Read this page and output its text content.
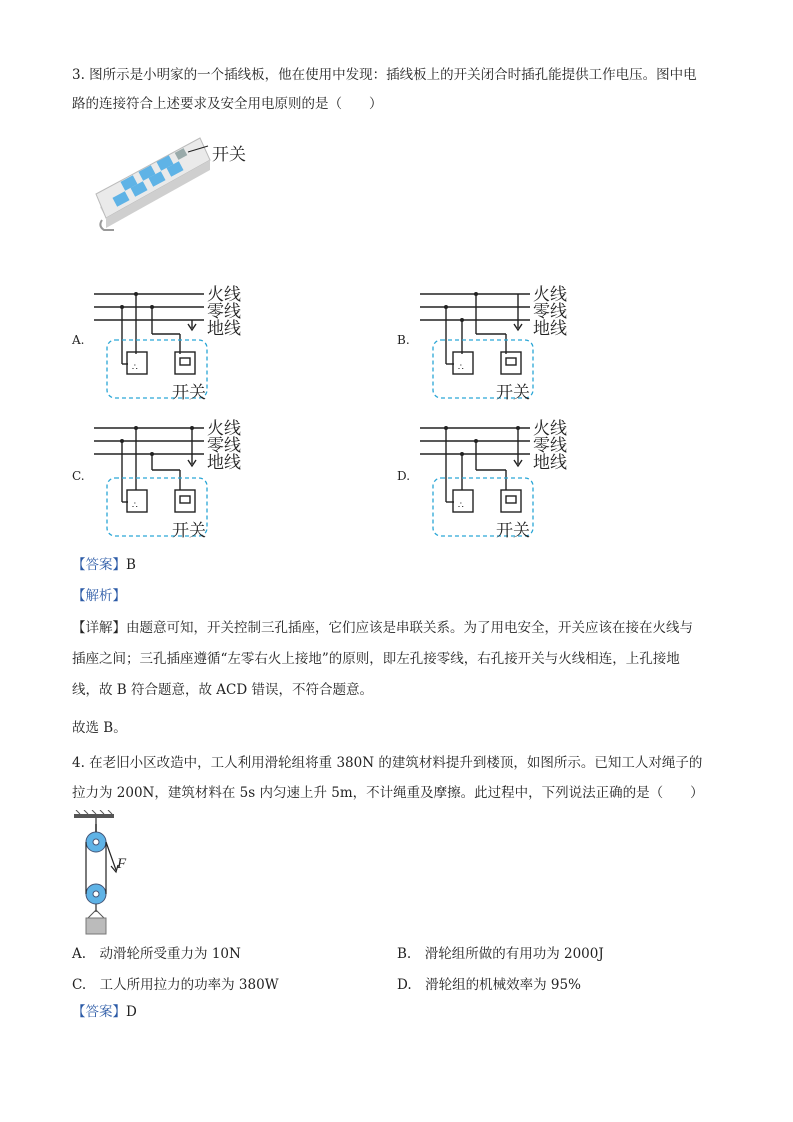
3. 图所示是小明家的一个插线板，他在使用中发现：插线板上的开关闭合时插孔能提供工作电压。图中电
路的连接符合上述要求及安全用电原则的是（　　）
开关
∴
火线
零线
地线
开关
A.
∴
火线
零线
地线
开关
B.
∴
火线
零线
地线
开关
C.
∴
火线
零线
地线
开关
D.
【答案】B
【解析】
【详解】由题意可知，开关控制三孔插座，它们应该是串联关系。为了用电安全，开关应该在接在火线与
插座之间；三孔插座遵循“左零右火上接地”的原则，即左孔接零线，右孔接开关与火线相连，上孔接地
线，故 B 符合题意，故 ACD 错误，不符合题意。
故选 B。
4. 在老旧小区改造中，工人利用滑轮组将重 380N 的建筑材料提升到楼顶，如图所示。已知工人对绳子的
拉力为 200N，建筑材料在 5s 内匀速上升 5m，不计绳重及摩擦。此过程中，下列说法正确的是（　　）
F
A.　动滑轮所受重力为 10N	B.　滑轮组所做的有用功为 2000J
C.　工人所用拉力的功率为 380W	D.　滑轮组的机械效率为 95%
【答案】D
